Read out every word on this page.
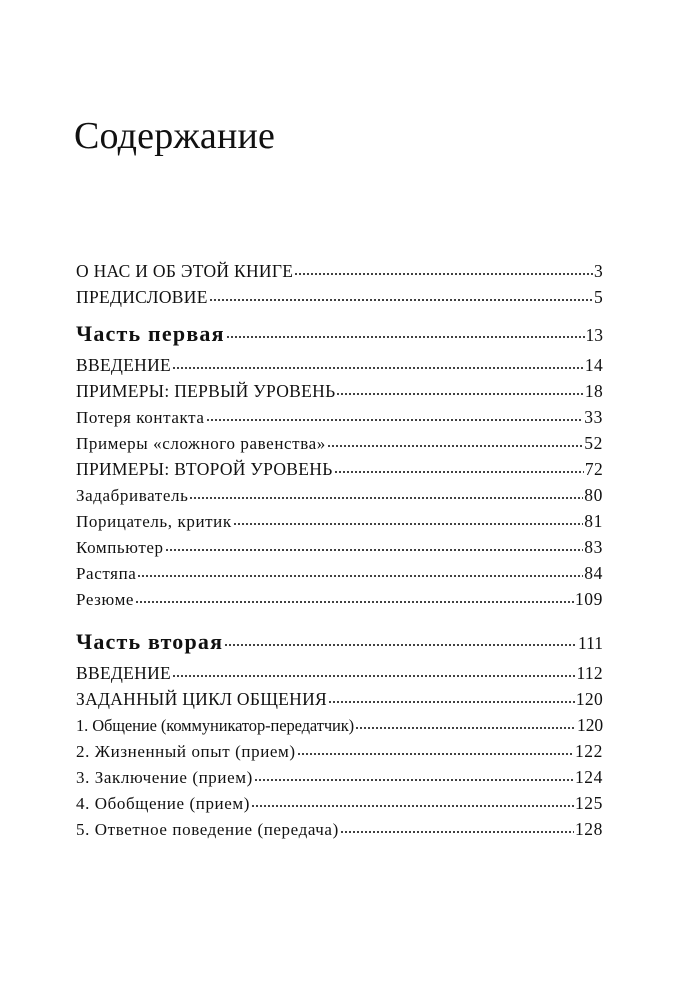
Содержание
О НАС И ОБ ЭТОЙ КНИГЕ	3
ПРЕДИСЛОВИЕ	5
Часть первая	13
ВВЕДЕНИЕ	14
ПРИМЕРЫ: ПЕРВЫЙ УРОВЕНЬ	18
Потеря контакта	33
Примеры «сложного равенства»	52
ПРИМЕРЫ: ВТОРОЙ УРОВЕНЬ	72
Задабриватель	80
Порицатель, критик	81
Компьютер	83
Растяпа	84
Резюме	109
Часть вторая	111
ВВЕДЕНИЕ	112
ЗАДАННЫЙ ЦИКЛ ОБЩЕНИЯ	120
1. Общение (коммуникатор-передатчик)	120
2. Жизненный опыт (прием)	122
3. Заключение (прием)	124
4. Обобщение (прием)	125
5. Ответное поведение (передача)	128
